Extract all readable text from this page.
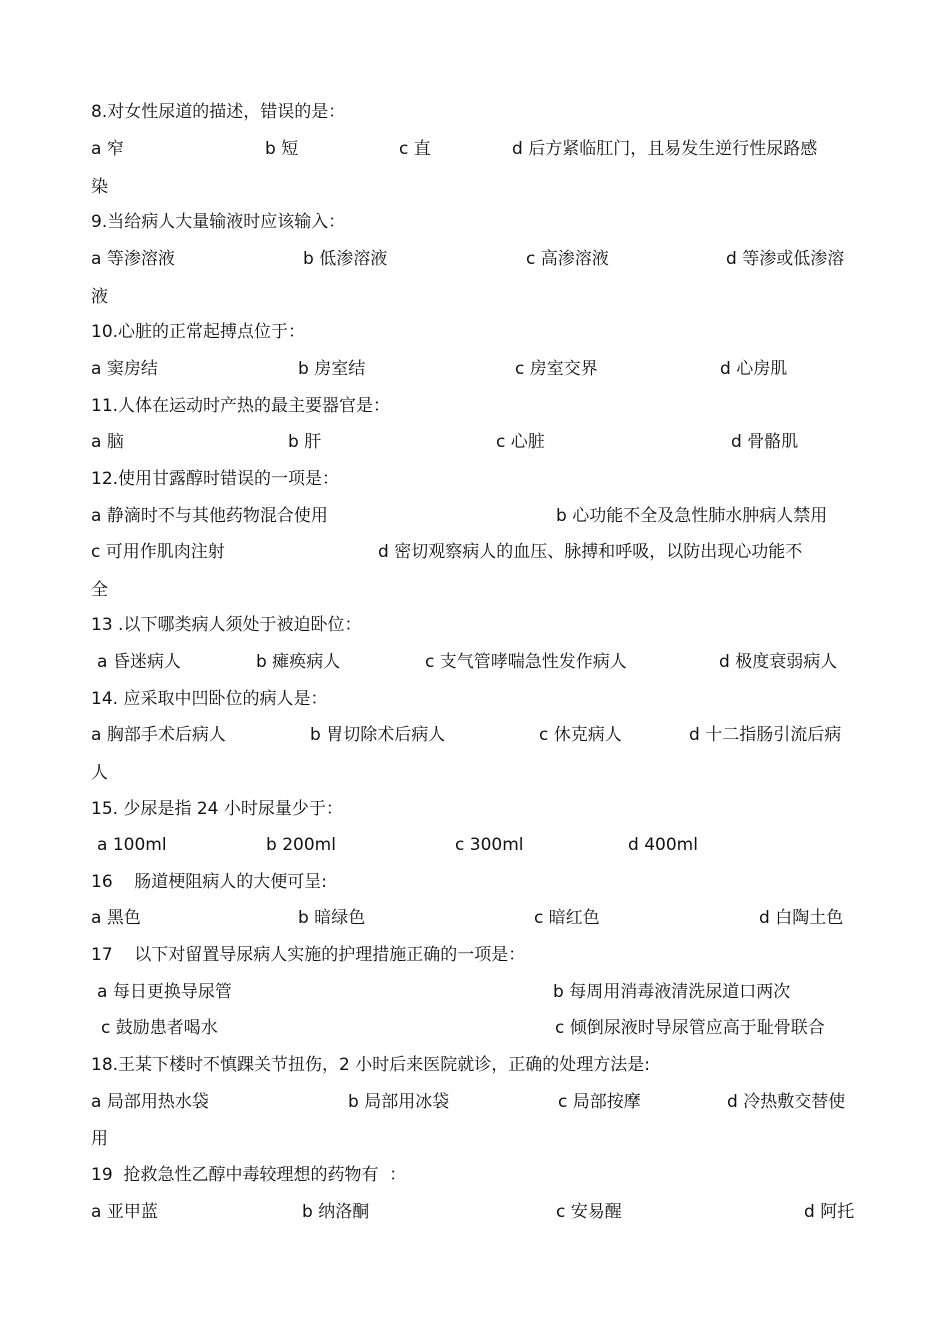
8.对女性尿道的描述，错误的是：
a 窄	b 短	c 直	d 后方紧临肛门，且易发生逆行性尿路感
染
9.当给病人大量输液时应该输入：
a 等渗溶液	b 低渗溶液	c 高渗溶液	d 等渗或低渗溶
液
10.心脏的正常起搏点位于：
a 窦房结	b 房室结	c 房室交界	d 心房肌
11.人体在运动时产热的最主要器官是：
a 脑	b 肝	c 心脏	d 骨骼肌
12.使用甘露醇时错误的一项是：
a 静滴时不与其他药物混合使用	b 心功能不全及急性肺水肿病人禁用
c 可用作肌肉注射	d 密切观察病人的血压、脉搏和呼吸，以防出现心功能不
全
13 .以下哪类病人须处于被迫卧位：
a 昏迷病人	b 瘫痪病人	c 支气管哮喘急性发作病人	d 极度衰弱病人
14. 应采取中凹卧位的病人是：
a 胸部手术后病人	b 胃切除术后病人	c 休克病人	d 十二指肠引流后病
人
15. 少尿是指 24 小时尿量少于：
a 100ml	b 200ml	c 300ml	d 400ml
16    肠道梗阻病人的大便可呈:
a 黑色	b 暗绿色	c 暗红色	d 白陶土色
17    以下对留置导尿病人实施的护理措施正确的一项是：
a 每日更换导尿管	b 每周用消毒液清洗尿道口两次
c 鼓励患者喝水	c 倾倒尿液时导尿管应高于耻骨联合
18.王某下楼时不慎踝关节扭伤，2 小时后来医院就诊，正确的处理方法是:
a 局部用热水袋	b 局部用冰袋	c 局部按摩	d 冷热敷交替使
用
19  抢救急性乙醇中毒较理想的药物有  ：
a 亚甲蓝	b 纳洛酮	c 安易醒	d 阿托
